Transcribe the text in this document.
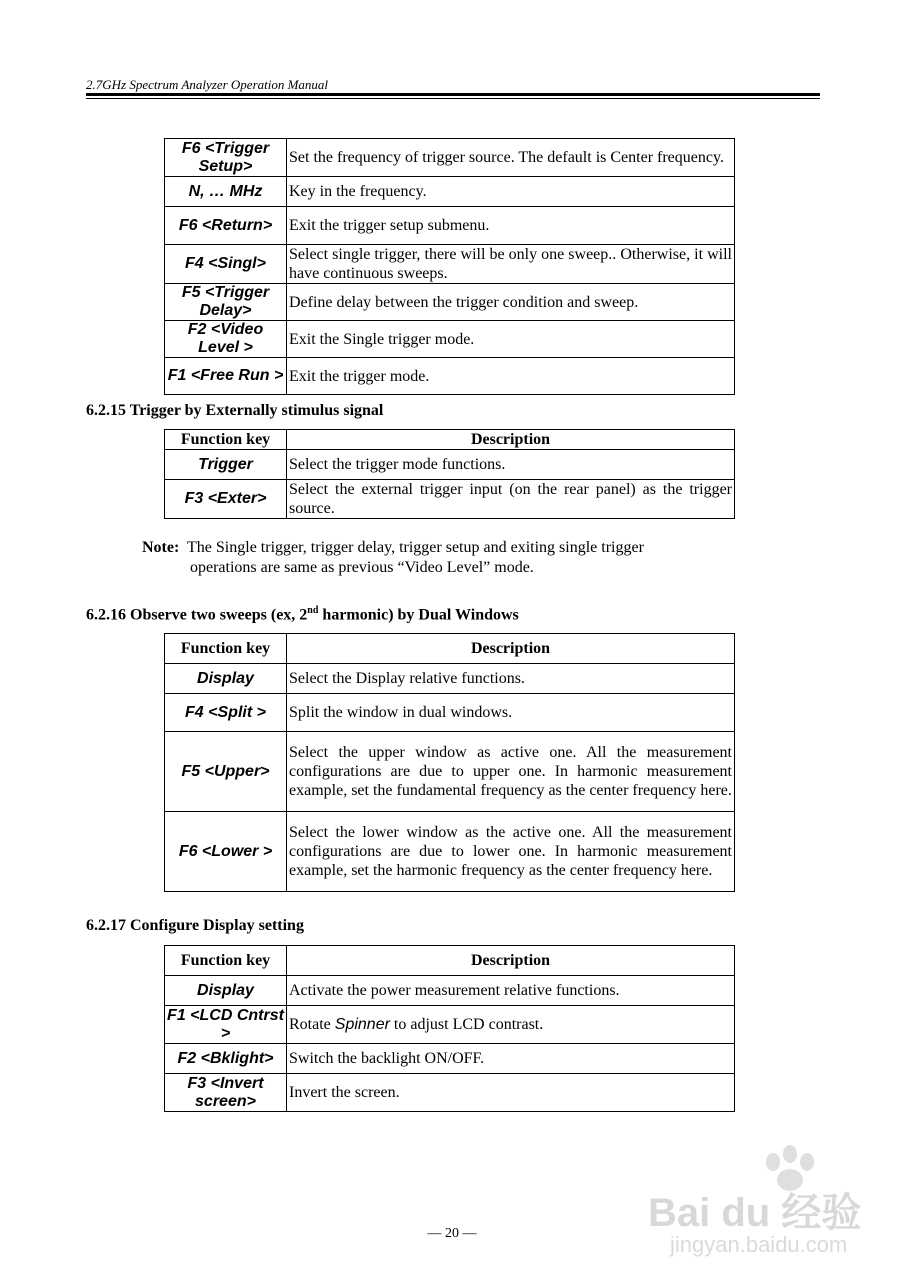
2.7GHz Spectrum Analyzer Operation Manual
F6 <Trigger Setup>	Set the frequency of trigger source. The default is Center frequency.
N, … MHz	Key in the frequency.
F6 <Return>	Exit the trigger setup submenu.
F4 <Singl>	Select single trigger, there will be only one sweep.. Otherwise, it will have continuous sweeps.
F5 <Trigger Delay>	Define delay between the trigger condition and sweep.
F2 <Video Level >	Exit the Single trigger mode.
F1 <Free Run >	Exit the trigger mode.
6.2.15 Trigger by Externally stimulus signal
Function key	Description
Trigger	Select the trigger mode functions.
F3 <Exter>	Select the external trigger input (on the rear panel) as the trigger source.
Note: The Single trigger, trigger delay, trigger setup and exiting single trigger
operations are same as previous “Video Level” mode.
6.2.16 Observe two sweeps (ex, 2nd harmonic) by Dual Windows
Function key	Description
Display	Select the Display relative functions.
F4 <Split >	Split the window in dual windows.
F5 <Upper>	Select the upper window as active one. All the measurement configurations are due to upper one. In harmonic measurement example, set the fundamental frequency as the center frequency here.
F6 <Lower >	Select the lower window as the active one. All the measurement configurations are due to lower one. In harmonic measurement example, set the harmonic frequency as the center frequency here.
6.2.17 Configure Display setting
Function key	Description
Display	Activate the power measurement relative functions.
F1 <LCD Cntrst >	Rotate Spinner to adjust LCD contrast.
F2 <Bklight>	Switch the backlight ON/OFF.
F3 <Invert screen>	Invert the screen.
— 20 —	Bai du 经验
jingyan.baidu.com
